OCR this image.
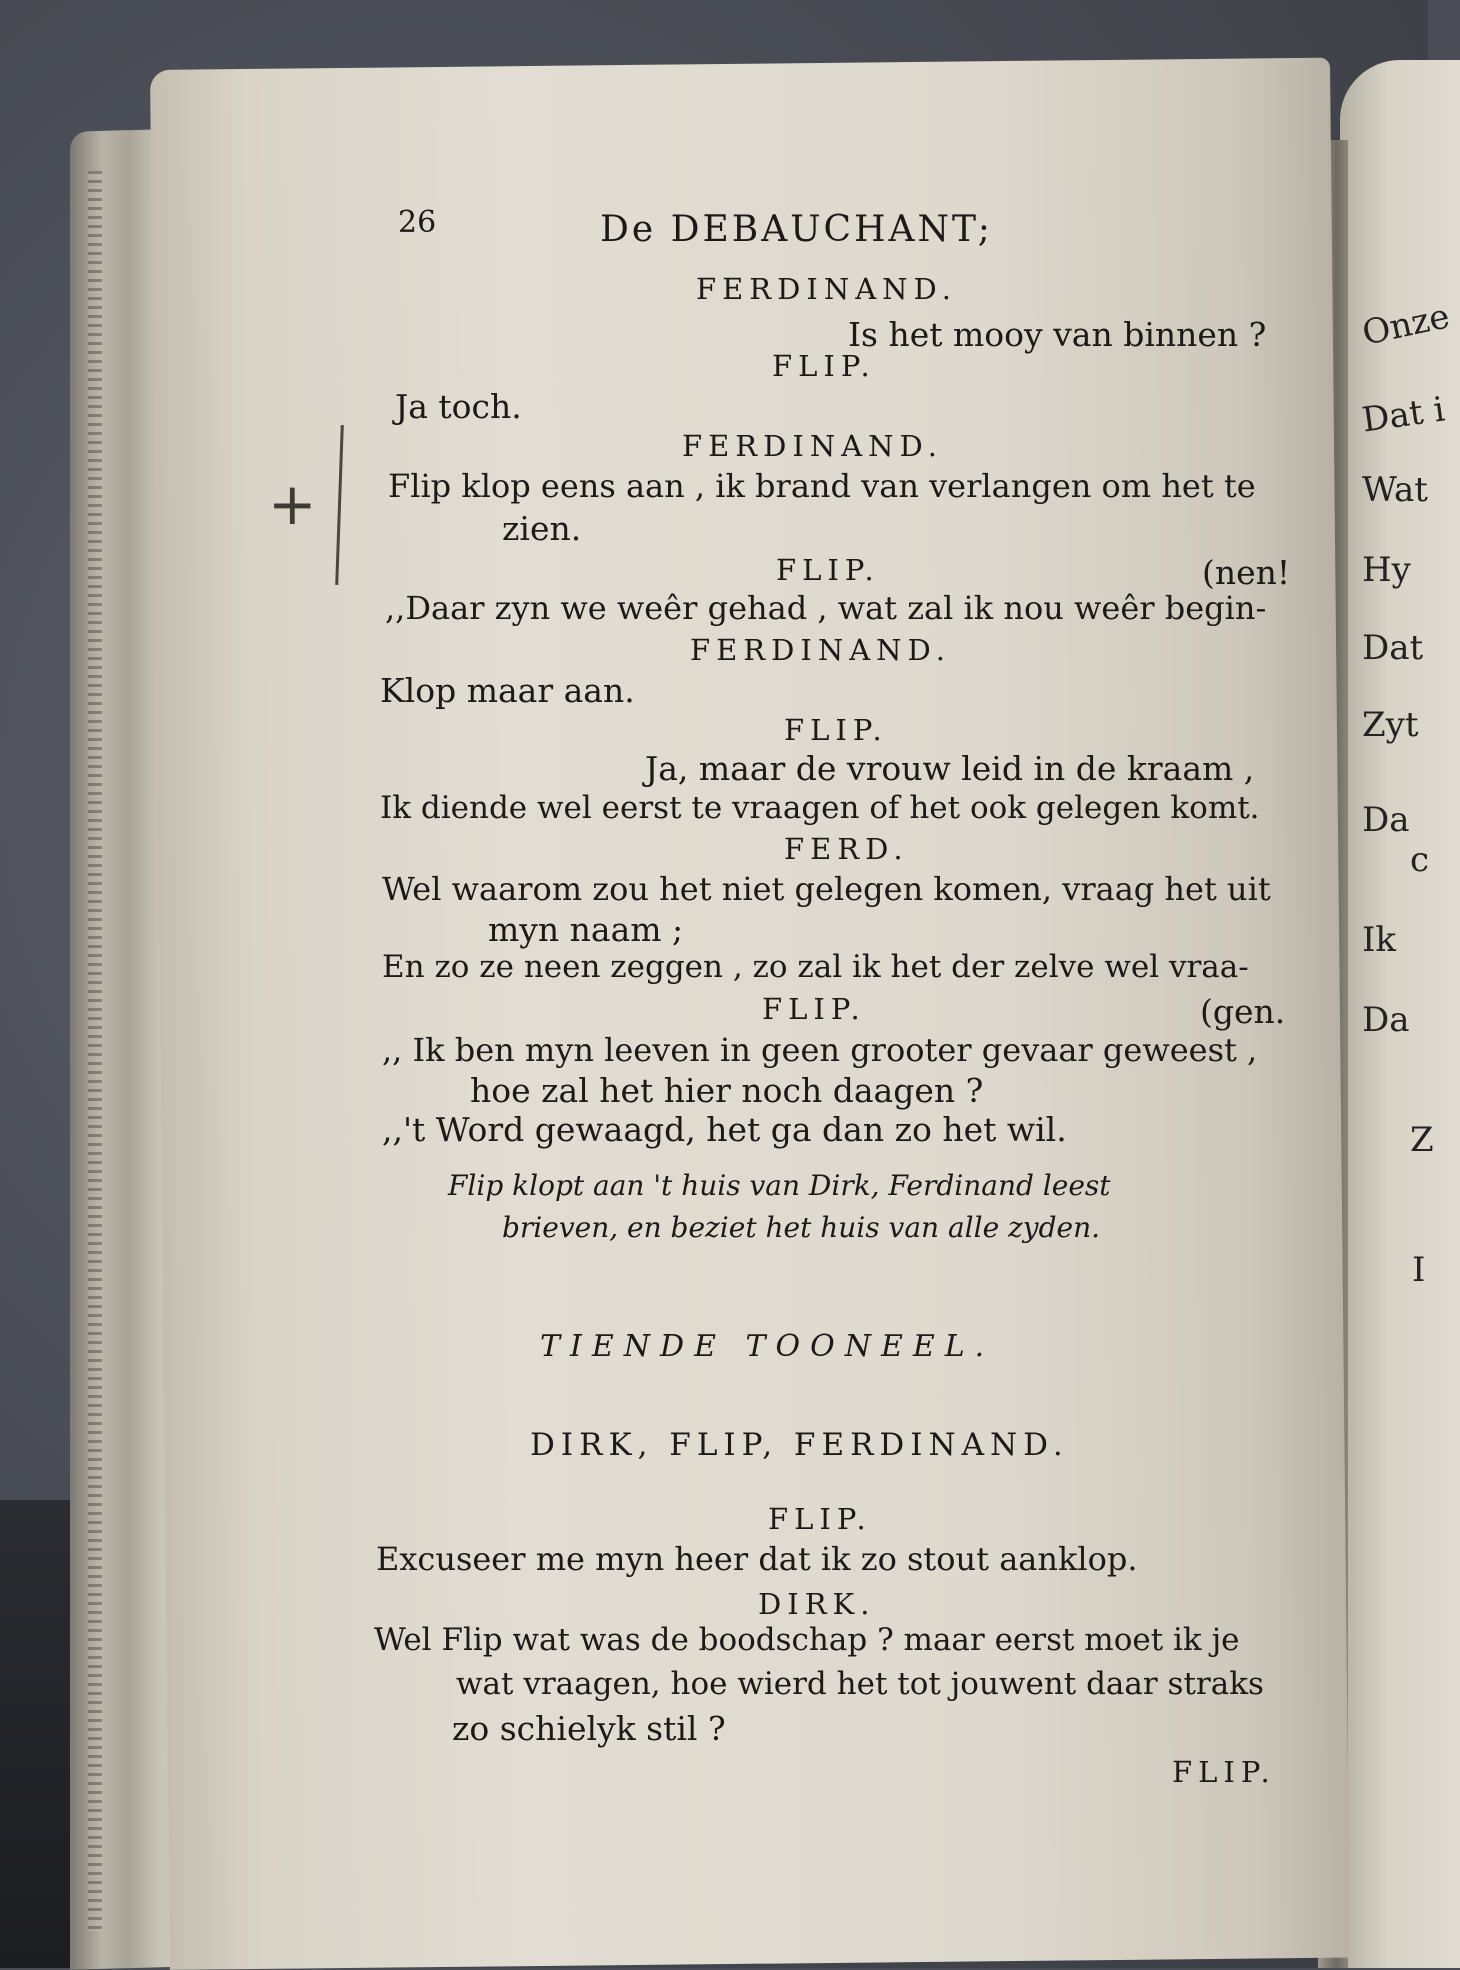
Onze
Dat i
Wat
Hy
Dat
Zyt
Da
c
Ik
Da
Z
I
+
26	De DEBAUCHANT;
FERDINAND.
Is het mooy van binnen ?
FLIP.
Ja toch.
FERDINAND.
Flip klop eens aan , ik brand van verlangen om het te
zien.
FLIP.	(nen!
,,Daar zyn we weêr gehad , wat zal ik nou weêr begin-
FERDINAND.
Klop maar aan.
FLIP.
Ja, maar de vrouw leid in de kraam ,
Ik diende wel eerst te vraagen of het ook gelegen komt.
FERD.
Wel waarom zou het niet gelegen komen, vraag het uit
myn naam ;
En zo ze neen zeggen , zo zal ik het der zelve wel vraa-
FLIP.	(gen.
,, Ik ben myn leeven in geen grooter gevaar geweest ,
hoe zal het hier noch daagen ?
,,'t Word gewaagd, het ga dan zo het wil.
Flip klopt aan 't huis van Dirk, Ferdinand leest
brieven, en beziet het huis van alle zyden.
TIENDE TOONEEL.
DIRK, FLIP, FERDINAND.
FLIP.
Excuseer me myn heer dat ik zo stout aanklop.
DIRK.
Wel Flip wat was de boodschap ? maar eerst moet ik je
wat vraagen, hoe wierd het tot jouwent daar straks
zo schielyk stil ?
FLIP.
